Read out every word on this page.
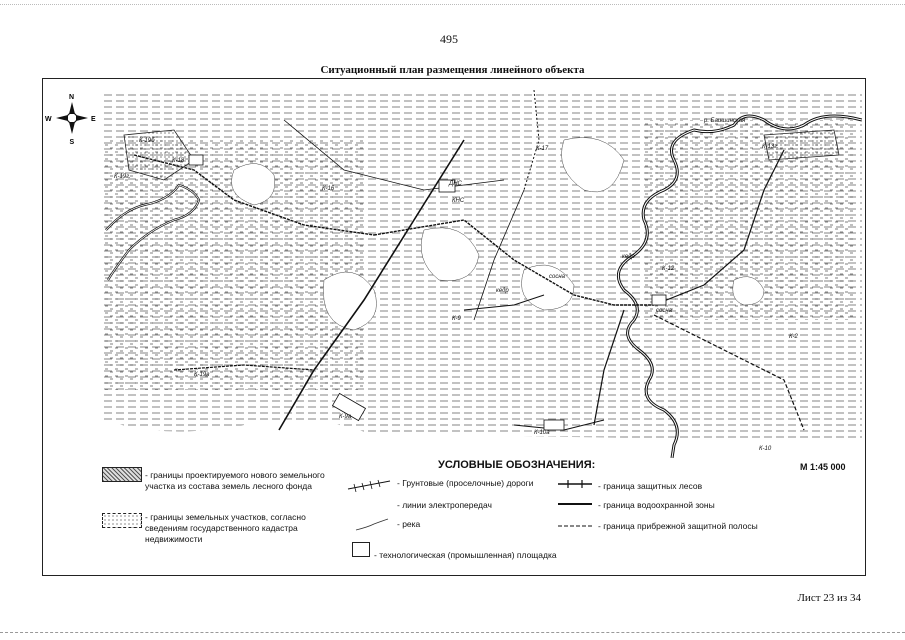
495
Ситуационный план размещения линейного объекта
N
S
W	E
К-19г.
К-19б
К-18
К-17
К-16
К-19в
К-9
К-9а
К-10а
К-12
К-13г.
К-2
К-10
КНС
ДНС
кедр
кедр
сосна
сосна
р. Баишинская
УСЛОВНЫЕ ОБОЗНАЧЕНИЯ:	М 1:45 000
- границы проектируемого нового земельного участка из состава земель лесного фонда
- границы земельных участков, согласно сведениям государственного кадастра недвижимости
- Грунтовые (проселочные) дороги
- линии электропередач
- река
- технологическая (промышленная) площадка
- граница защитных лесов
- граница водоохранной зоны
- граница прибрежной защитной полосы
Лист 23 из 34
